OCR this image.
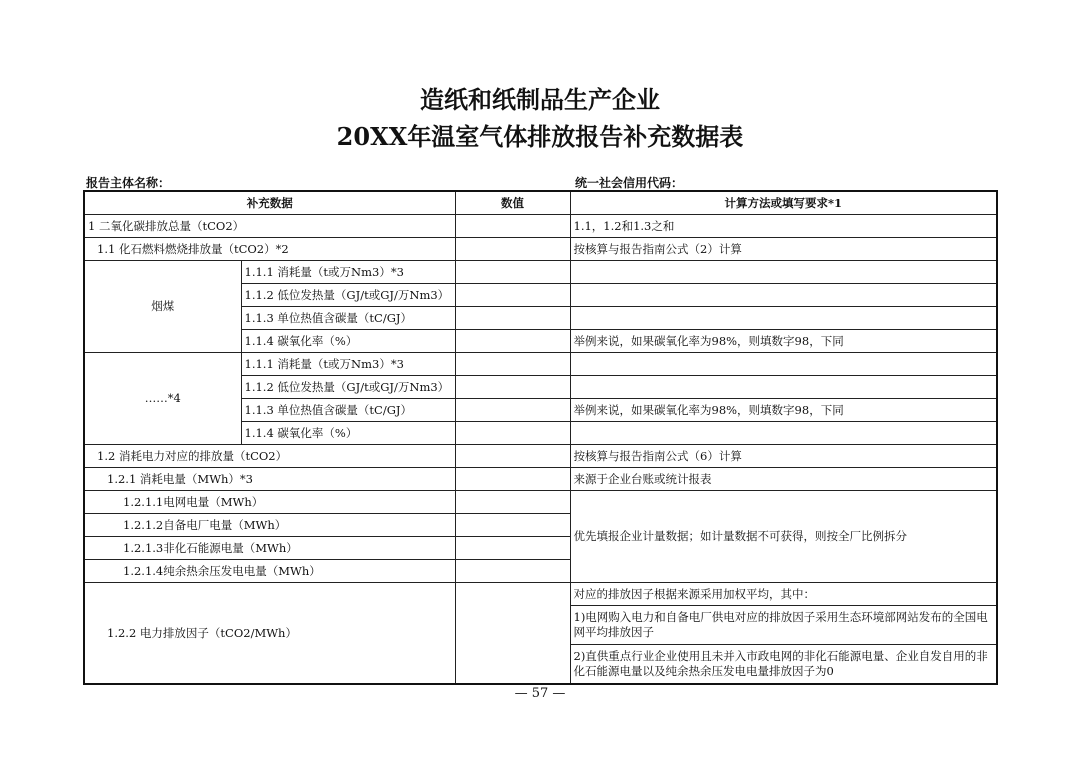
造纸和纸制品生产企业
20XX年温室气体排放报告补充数据表
报告主体名称：	统一社会信用代码：
补充数据		数值	计算方法或填写要求*1
1 二氧化碳排放总量（tCO2）			1.1，1.2和1.3之和
1.1 化石燃料燃烧排放量（tCO2）*2			按核算与报告指南公式（2）计算
烟煤	1.1.1 消耗量（t或万Nm3）*3		
	1.1.2 低位发热量（GJ/t或GJ/万Nm3）		
	1.1.3 单位热值含碳量（tC/GJ）		
	1.1.4 碳氧化率（%）		举例来说，如果碳氧化率为98%，则填数字98，下同
……*4	1.1.1 消耗量（t或万Nm3）*3		
	1.1.2 低位发热量（GJ/t或GJ/万Nm3）		
	1.1.3 单位热值含碳量（tC/GJ）		举例来说，如果碳氧化率为98%，则填数字98，下同
	1.1.4 碳氧化率（%）		
1.2 消耗电力对应的排放量（tCO2）			按核算与报告指南公式（6）计算
1.2.1 消耗电量（MWh）*3			来源于企业台账或统计报表
1.2.1.1电网电量（MWh）			优先填报企业计量数据；如计量数据不可获得，则按全厂比例拆分
1.2.1.2自备电厂电量（MWh）			
1.2.1.3非化石能源电量（MWh）			
1.2.1.4纯余热余压发电电量（MWh）			
1.2.2 电力排放因子（tCO2/MWh）			对应的排放因子根据来源采用加权平均，其中：
			1)电网购入电力和自备电厂供电对应的排放因子采用生态环境部网站发布的全国电网平均排放因子
			2)直供重点行业企业使用且未并入市政电网的非化石能源电量、企业自发自用的非化石能源电量以及纯余热余压发电电量排放因子为0
— 57 —
